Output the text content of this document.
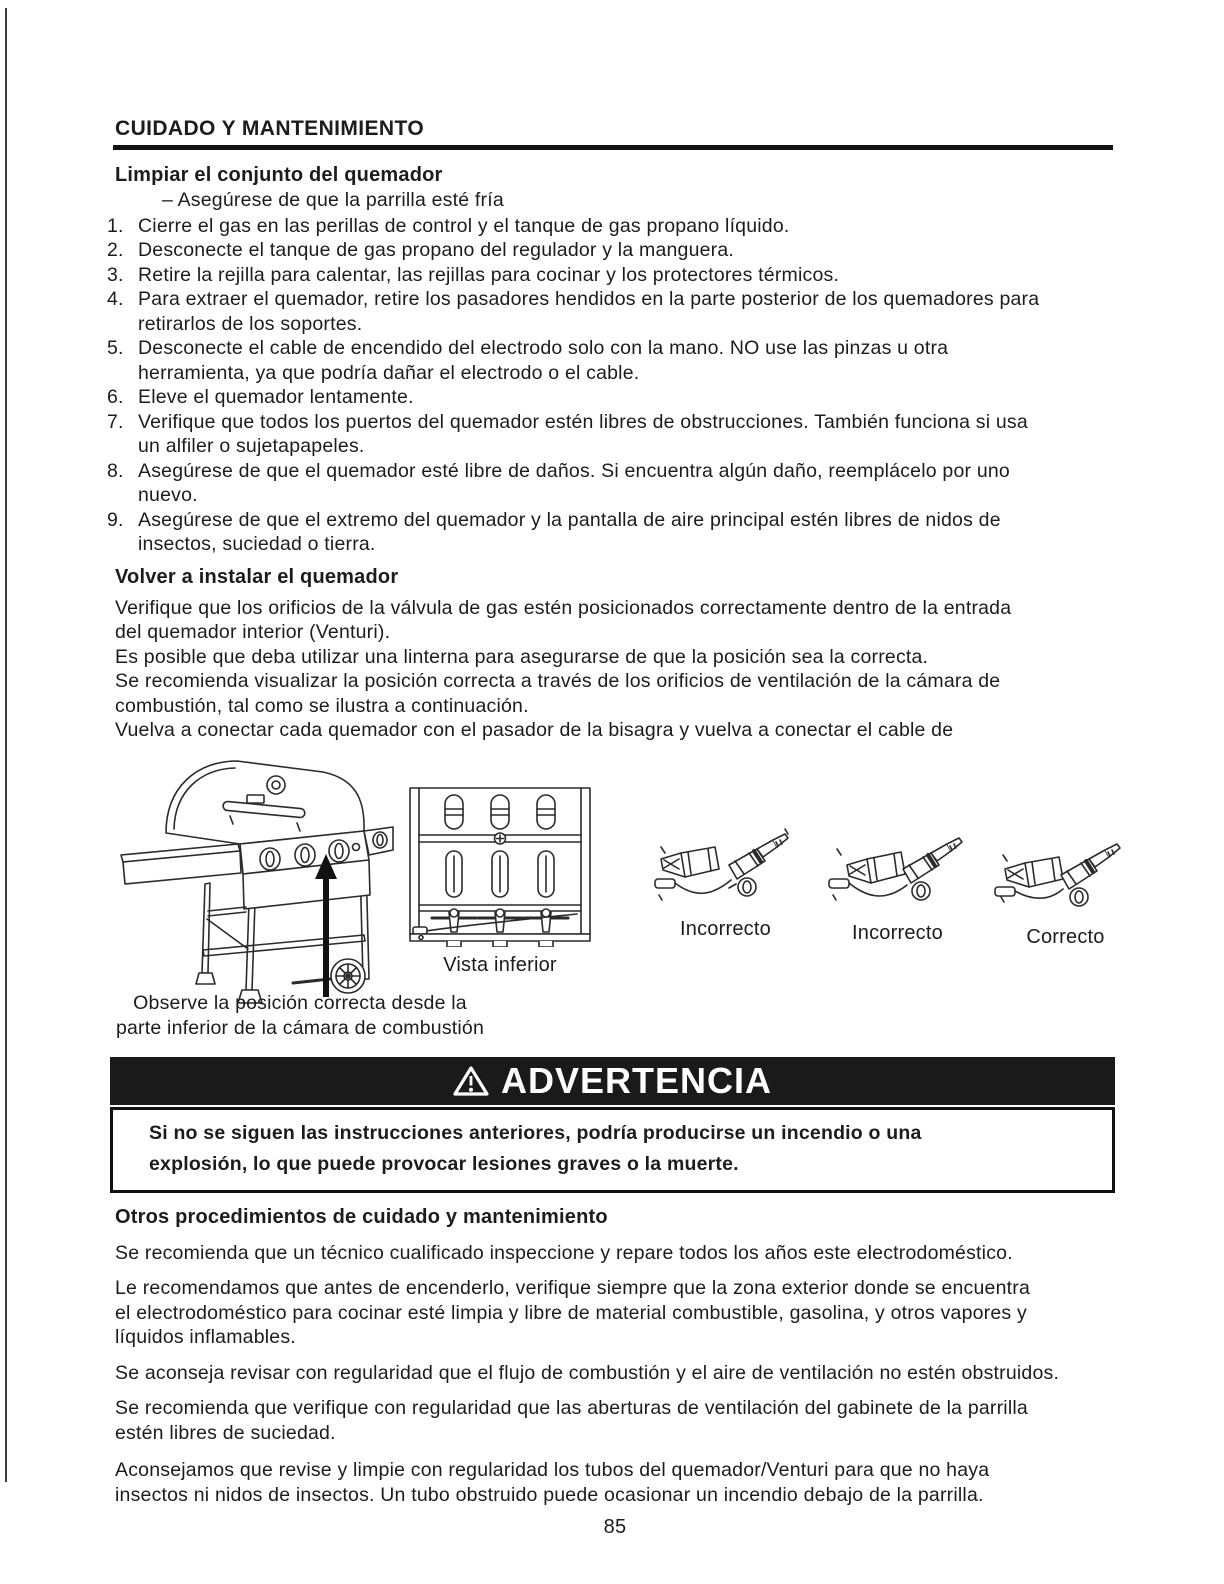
CUIDADO Y MANTENIMIENTO
Limpiar el conjunto del quemador
– Asegúrese de que la parrilla esté fría
1. Cierre el gas en las perillas de control y el tanque de gas propano líquido.
2. Desconecte el tanque de gas propano del regulador y la manguera.
3. Retire la rejilla para calentar, las rejillas para cocinar y los protectores térmicos.
4. Para extraer el quemador, retire los pasadores hendidos en la parte posterior de los quemadores para
retirarlos de los soportes.
5. Desconecte el cable de encendido del electrodo solo con la mano. NO use las pinzas u otra
herramienta, ya que podría dañar el electrodo o el cable.
6. Eleve el quemador lentamente.
7. Verifique que todos los puertos del quemador estén libres de obstrucciones. También funciona si usa
un alfiler o sujetapapeles.
8. Asegúrese de que el quemador esté libre de daños. Si encuentra algún daño, reemplácelo por uno
nuevo.
9. Asegúrese de que el extremo del quemador y la pantalla de aire principal estén libres de nidos de
insectos, suciedad o tierra.
Volver a instalar el quemador
Verifique que los orificios de la válvula de gas estén posicionados correctamente dentro de la entrada
del quemador interior (Venturi).
Es posible que deba utilizar una linterna para asegurarse de que la posición sea la correcta.
Se recomienda visualizar la posición correcta a través de los orificios de ventilación de la cámara de
combustión, tal como se ilustra a continuación.
Vuelva a conectar cada quemador con el pasador de la bisagra y vuelva a conectar el cable de
Vista inferior
Incorrecto	Incorrecto	Correcto
Observe la posición correcta desde la
parte inferior de la cámara de combustión
ADVERTENCIA
Si no se siguen las instrucciones anteriores, podría producirse un incendio o una
explosión, lo que puede provocar lesiones graves o la muerte.
Otros procedimientos de cuidado y mantenimiento
Se recomienda que un técnico cualificado inspeccione y repare todos los años este electrodoméstico.
Le recomendamos que antes de encenderlo, verifique siempre que la zona exterior donde se encuentra
el electrodoméstico para cocinar esté limpia y libre de material combustible, gasolina, y otros vapores y
líquidos inflamables.
Se aconseja revisar con regularidad que el flujo de combustión y el aire de ventilación no estén obstruidos.
Se recomienda que verifique con regularidad que las aberturas de ventilación del gabinete de la parrilla
estén libres de suciedad.
Aconsejamos que revise y limpie con regularidad los tubos del quemador/Venturi para que no haya
insectos ni nidos de insectos. Un tubo obstruido puede ocasionar un incendio debajo de la parrilla.
85
